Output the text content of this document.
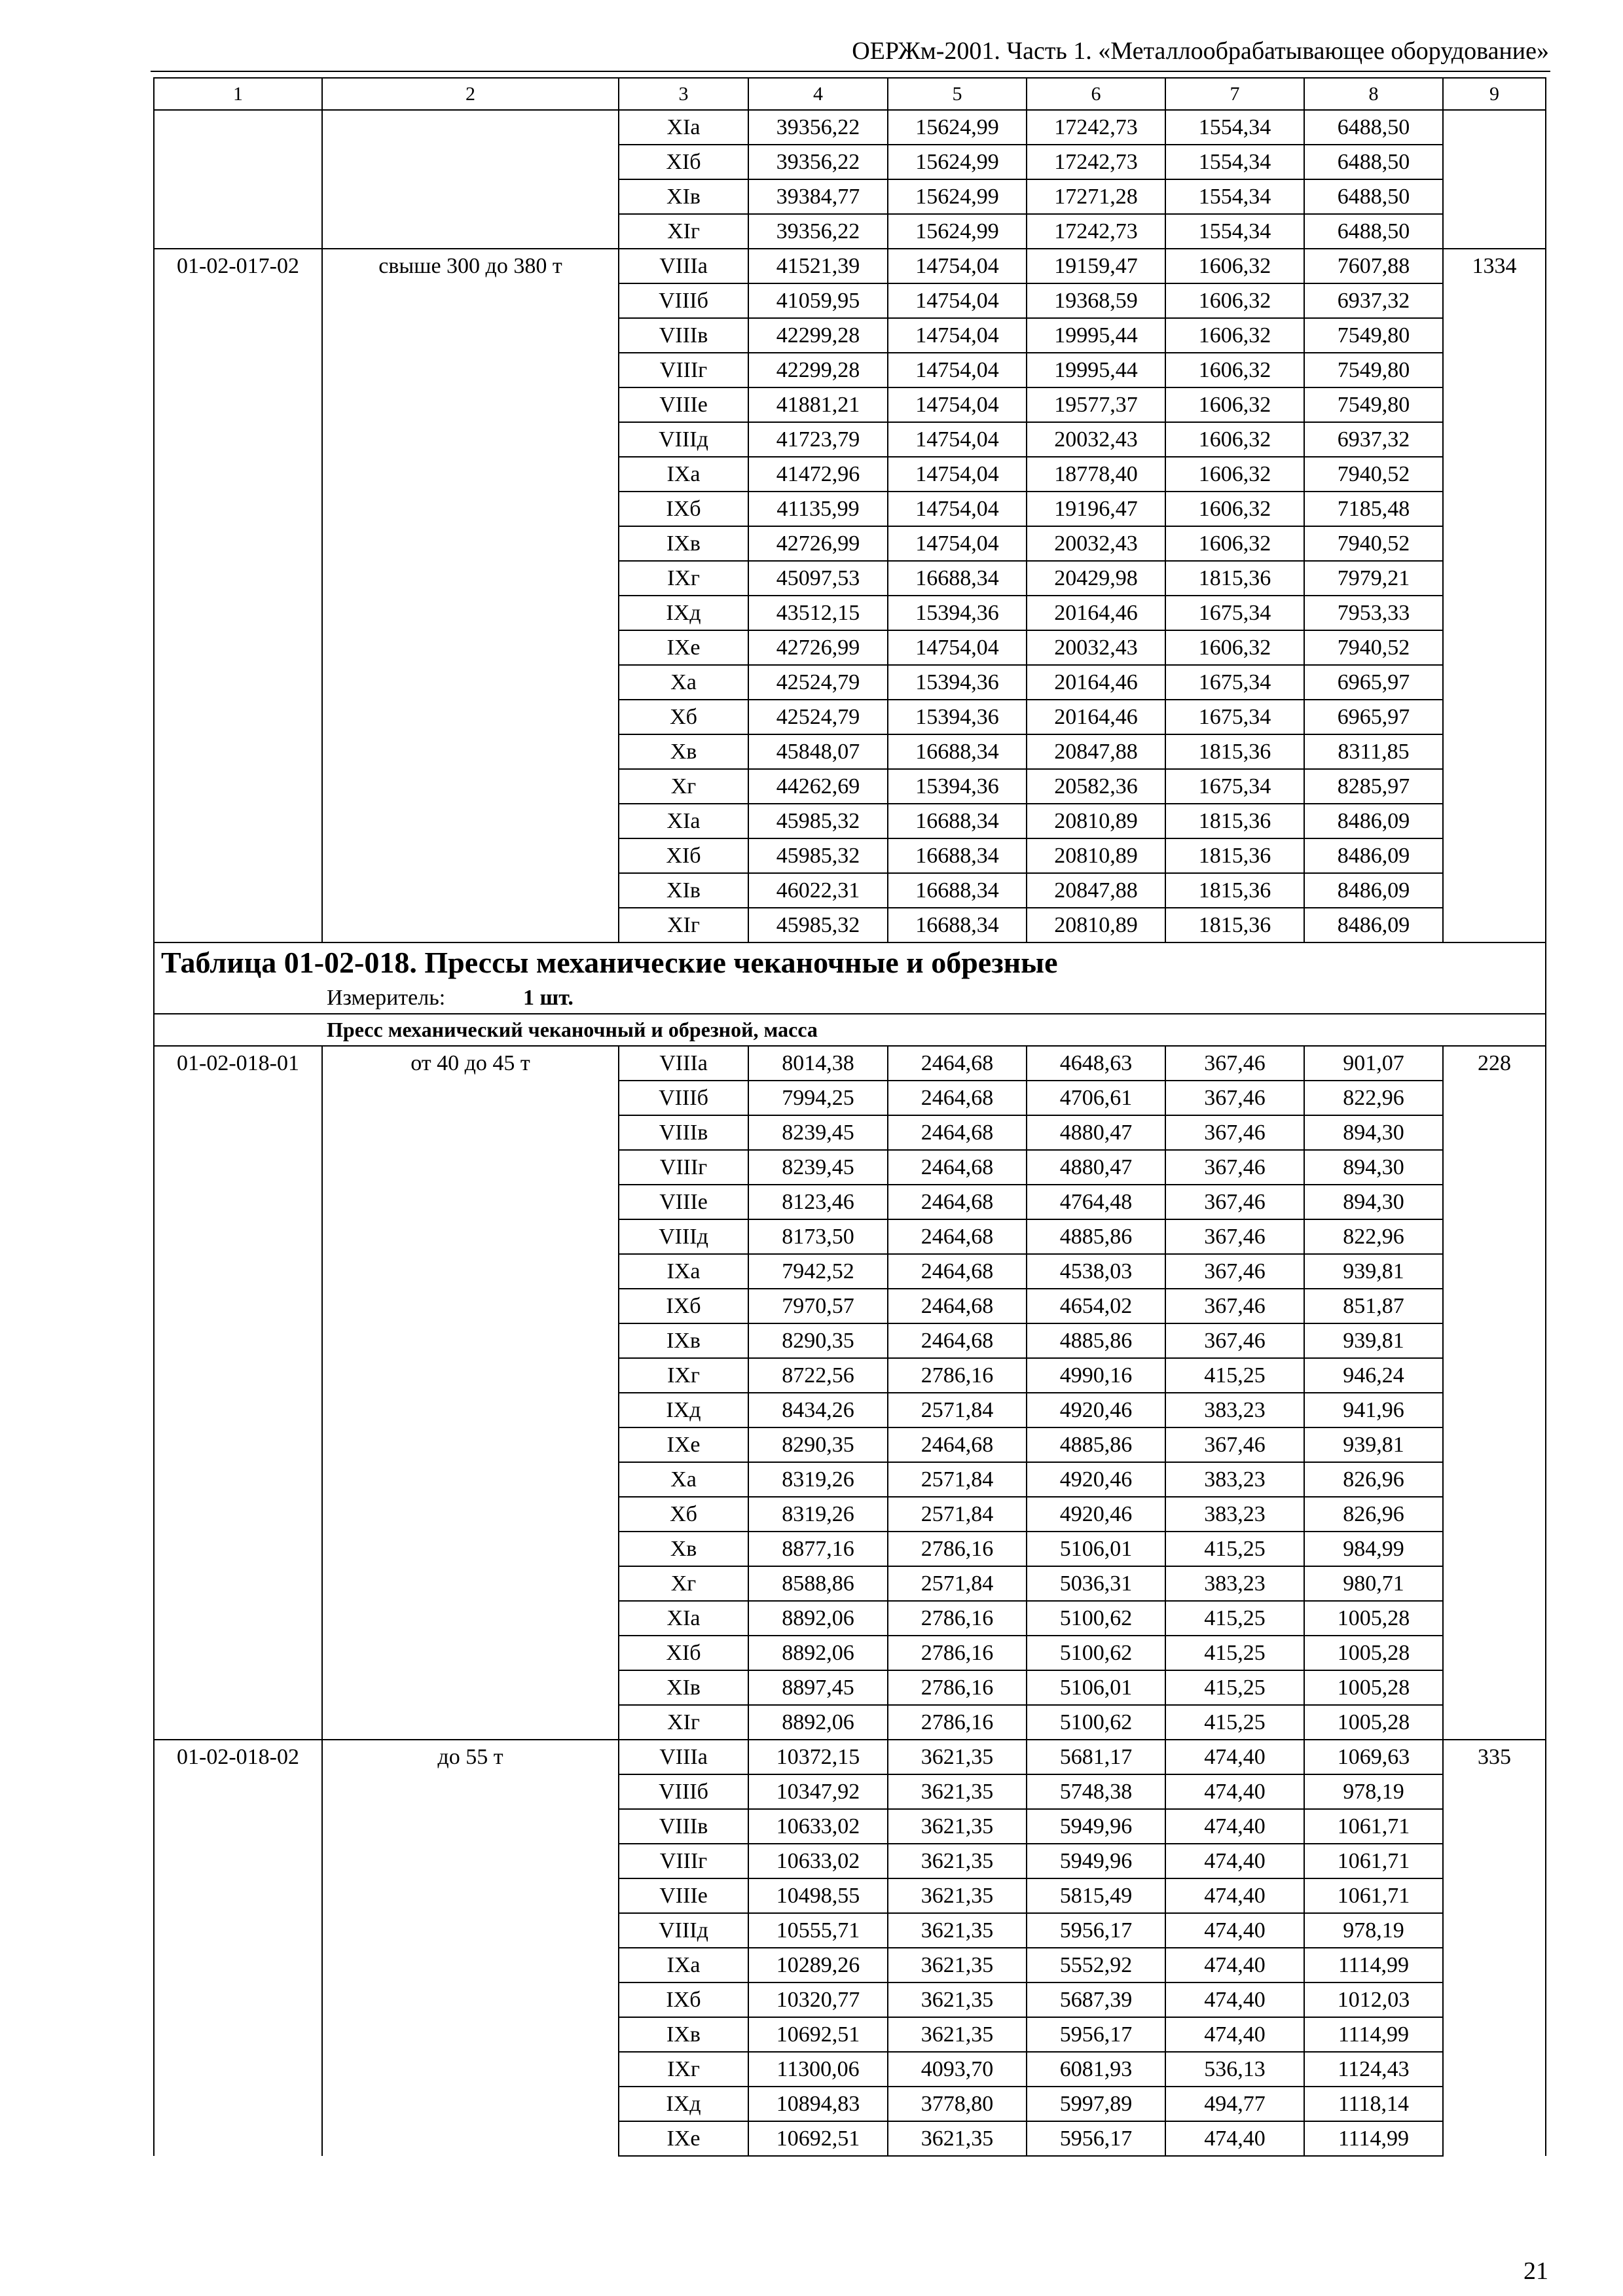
ОЕРЖм-2001. Часть 1. «Металлообрабатывающее оборудование»
1	2	3	4	5	6	7	8	9
		XIа	39356,22	15624,99	17242,73	1554,34	6488,50	
		XIб	39356,22	15624,99	17242,73	1554,34	6488,50	
		XIв	39384,77	15624,99	17271,28	1554,34	6488,50	
		XIг	39356,22	15624,99	17242,73	1554,34	6488,50	
01-02-017-02	свыше 300 до 380 т	VIIIа	41521,39	14754,04	19159,47	1606,32	7607,88	1334
		VIIIб	41059,95	14754,04	19368,59	1606,32	6937,32	
		VIIIв	42299,28	14754,04	19995,44	1606,32	7549,80	
		VIIIг	42299,28	14754,04	19995,44	1606,32	7549,80	
		VIIIе	41881,21	14754,04	19577,37	1606,32	7549,80	
		VIIIд	41723,79	14754,04	20032,43	1606,32	6937,32	
		IXа	41472,96	14754,04	18778,40	1606,32	7940,52	
		IXб	41135,99	14754,04	19196,47	1606,32	7185,48	
		IXв	42726,99	14754,04	20032,43	1606,32	7940,52	
		IXг	45097,53	16688,34	20429,98	1815,36	7979,21	
		IXд	43512,15	15394,36	20164,46	1675,34	7953,33	
		IXе	42726,99	14754,04	20032,43	1606,32	7940,52	
		Xа	42524,79	15394,36	20164,46	1675,34	6965,97	
		Xб	42524,79	15394,36	20164,46	1675,34	6965,97	
		Xв	45848,07	16688,34	20847,88	1815,36	8311,85	
		Xг	44262,69	15394,36	20582,36	1675,34	8285,97	
		XIа	45985,32	16688,34	20810,89	1815,36	8486,09	
		XIб	45985,32	16688,34	20810,89	1815,36	8486,09	
		XIв	46022,31	16688,34	20847,88	1815,36	8486,09	
		XIг	45985,32	16688,34	20810,89	1815,36	8486,09	
Таблица 01-02-018. Прессы механические чеканочные и обрезные								
Измеритель: 1 шт.								
Пресс механический чеканочный и обрезной, масса								
01-02-018-01	от 40 до 45 т	VIIIа	8014,38	2464,68	4648,63	367,46	901,07	228
		VIIIб	7994,25	2464,68	4706,61	367,46	822,96	
		VIIIв	8239,45	2464,68	4880,47	367,46	894,30	
		VIIIг	8239,45	2464,68	4880,47	367,46	894,30	
		VIIIе	8123,46	2464,68	4764,48	367,46	894,30	
		VIIIд	8173,50	2464,68	4885,86	367,46	822,96	
		IXа	7942,52	2464,68	4538,03	367,46	939,81	
		IXб	7970,57	2464,68	4654,02	367,46	851,87	
		IXв	8290,35	2464,68	4885,86	367,46	939,81	
		IXг	8722,56	2786,16	4990,16	415,25	946,24	
		IXд	8434,26	2571,84	4920,46	383,23	941,96	
		IXе	8290,35	2464,68	4885,86	367,46	939,81	
		Xа	8319,26	2571,84	4920,46	383,23	826,96	
		Xб	8319,26	2571,84	4920,46	383,23	826,96	
		Xв	8877,16	2786,16	5106,01	415,25	984,99	
		Xг	8588,86	2571,84	5036,31	383,23	980,71	
		XIа	8892,06	2786,16	5100,62	415,25	1005,28	
		XIб	8892,06	2786,16	5100,62	415,25	1005,28	
		XIв	8897,45	2786,16	5106,01	415,25	1005,28	
		XIг	8892,06	2786,16	5100,62	415,25	1005,28	
01-02-018-02	до 55 т	VIIIа	10372,15	3621,35	5681,17	474,40	1069,63	335
		VIIIб	10347,92	3621,35	5748,38	474,40	978,19	
		VIIIв	10633,02	3621,35	5949,96	474,40	1061,71	
		VIIIг	10633,02	3621,35	5949,96	474,40	1061,71	
		VIIIе	10498,55	3621,35	5815,49	474,40	1061,71	
		VIIIд	10555,71	3621,35	5956,17	474,40	978,19	
		IXа	10289,26	3621,35	5552,92	474,40	1114,99	
		IXб	10320,77	3621,35	5687,39	474,40	1012,03	
		IXв	10692,51	3621,35	5956,17	474,40	1114,99	
		IXг	11300,06	4093,70	6081,93	536,13	1124,43	
		IXд	10894,83	3778,80	5997,89	494,77	1118,14	
		IXе	10692,51	3621,35	5956,17	474,40	1114,99	
21
